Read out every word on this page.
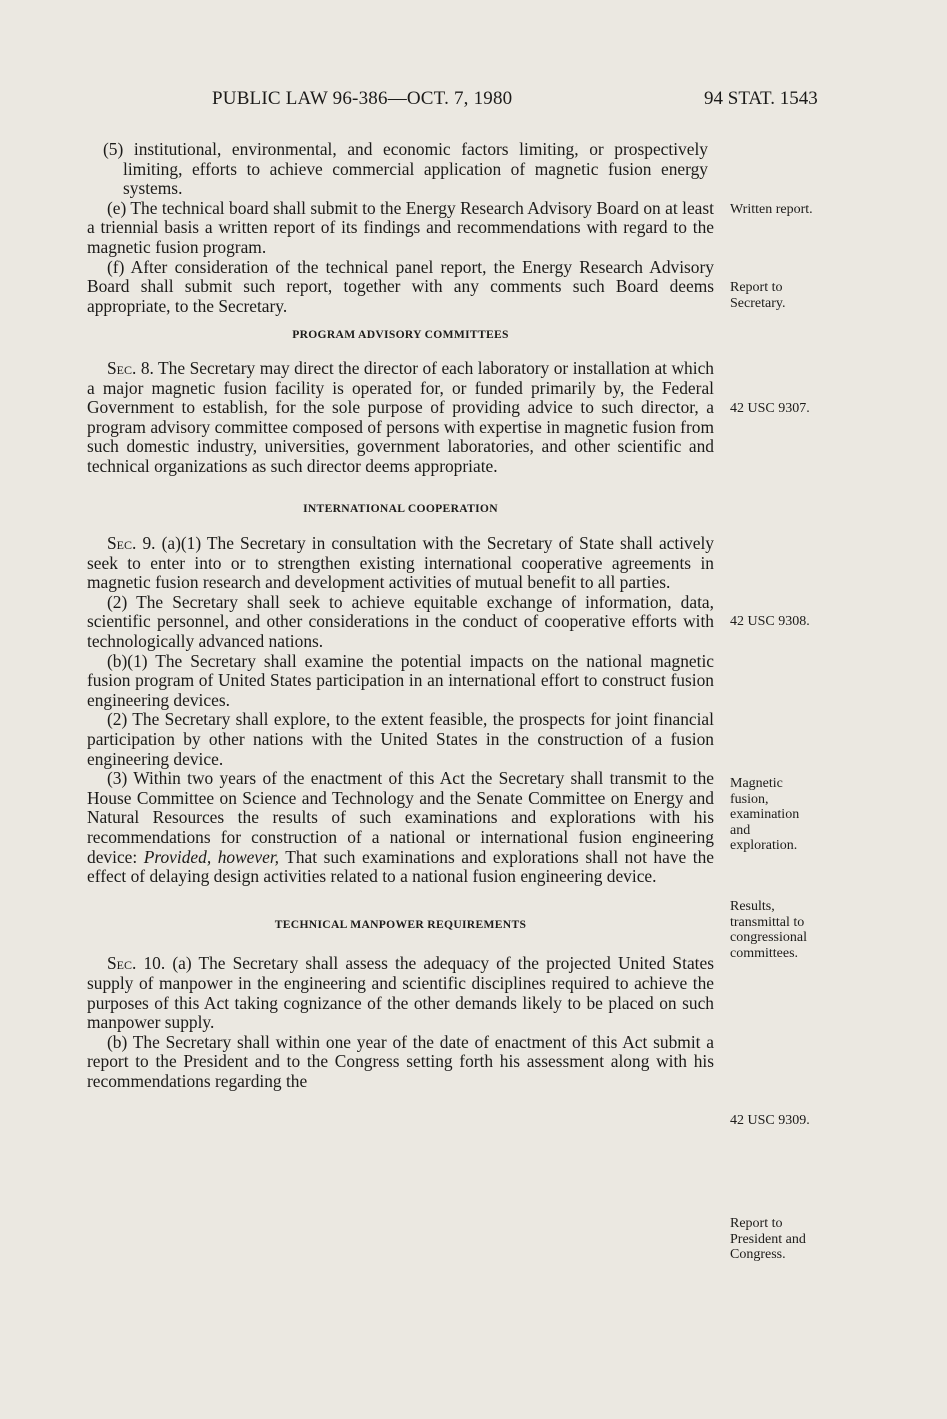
PUBLIC LAW 96-386—OCT. 7, 1980	94 STAT. 1543

(5) institutional, environmental, and economic factors limiting, or prospectively limiting, efforts to achieve commercial application of magnetic fusion energy systems.

(e) The technical board shall submit to the Energy Research Advisory Board on at least a triennial basis a written report of its findings and recommendations with regard to the magnetic fusion program.

(f) After consideration of the technical panel report, the Energy Research Advisory Board shall submit such report, together with any comments such Board deems appropriate, to the Secretary.

PROGRAM ADVISORY COMMITTEES

Sec. 8. The Secretary may direct the director of each laboratory or installation at which a major magnetic fusion facility is operated for, or funded primarily by, the Federal Government to establish, for the sole purpose of providing advice to such director, a program advisory committee composed of persons with expertise in magnetic fusion from such domestic industry, universities, government laboratories, and other scientific and technical organizations as such director deems appropriate.

INTERNATIONAL COOPERATION

Sec. 9. (a)(1) The Secretary in consultation with the Secretary of State shall actively seek to enter into or to strengthen existing international cooperative agreements in magnetic fusion research and development activities of mutual benefit to all parties.

(2) The Secretary shall seek to achieve equitable exchange of information, data, scientific personnel, and other considerations in the conduct of cooperative efforts with technologically advanced nations.

(b)(1) The Secretary shall examine the potential impacts on the national magnetic fusion program of United States participation in an international effort to construct fusion engineering devices.

(2) The Secretary shall explore, to the extent feasible, the prospects for joint financial participation by other nations with the United States in the construction of a fusion engineering device.

(3) Within two years of the enactment of this Act the Secretary shall transmit to the House Committee on Science and Technology and the Senate Committee on Energy and Natural Resources the results of such examinations and explorations with his recommendations for construction of a national or international fusion engineering device: Provided, however, That such examinations and explorations shall not have the effect of delaying design activities related to a national fusion engineering device.

TECHNICAL MANPOWER REQUIREMENTS

Sec. 10. (a) The Secretary shall assess the adequacy of the projected United States supply of manpower in the engineering and scientific disciplines required to achieve the purposes of this Act taking cognizance of the other demands likely to be placed on such manpower supply.

(b) The Secretary shall within one year of the date of enactment of this Act submit a report to the President and to the Congress setting forth his assessment along with his recommendations regarding the

Written report.
Report to
Secretary.
42 USC 9307.
42 USC 9308.
Magnetic
fusion,
examination
and
exploration.
Results,
transmittal to
congressional
committees.
42 USC 9309.
Report to
President and
Congress.
